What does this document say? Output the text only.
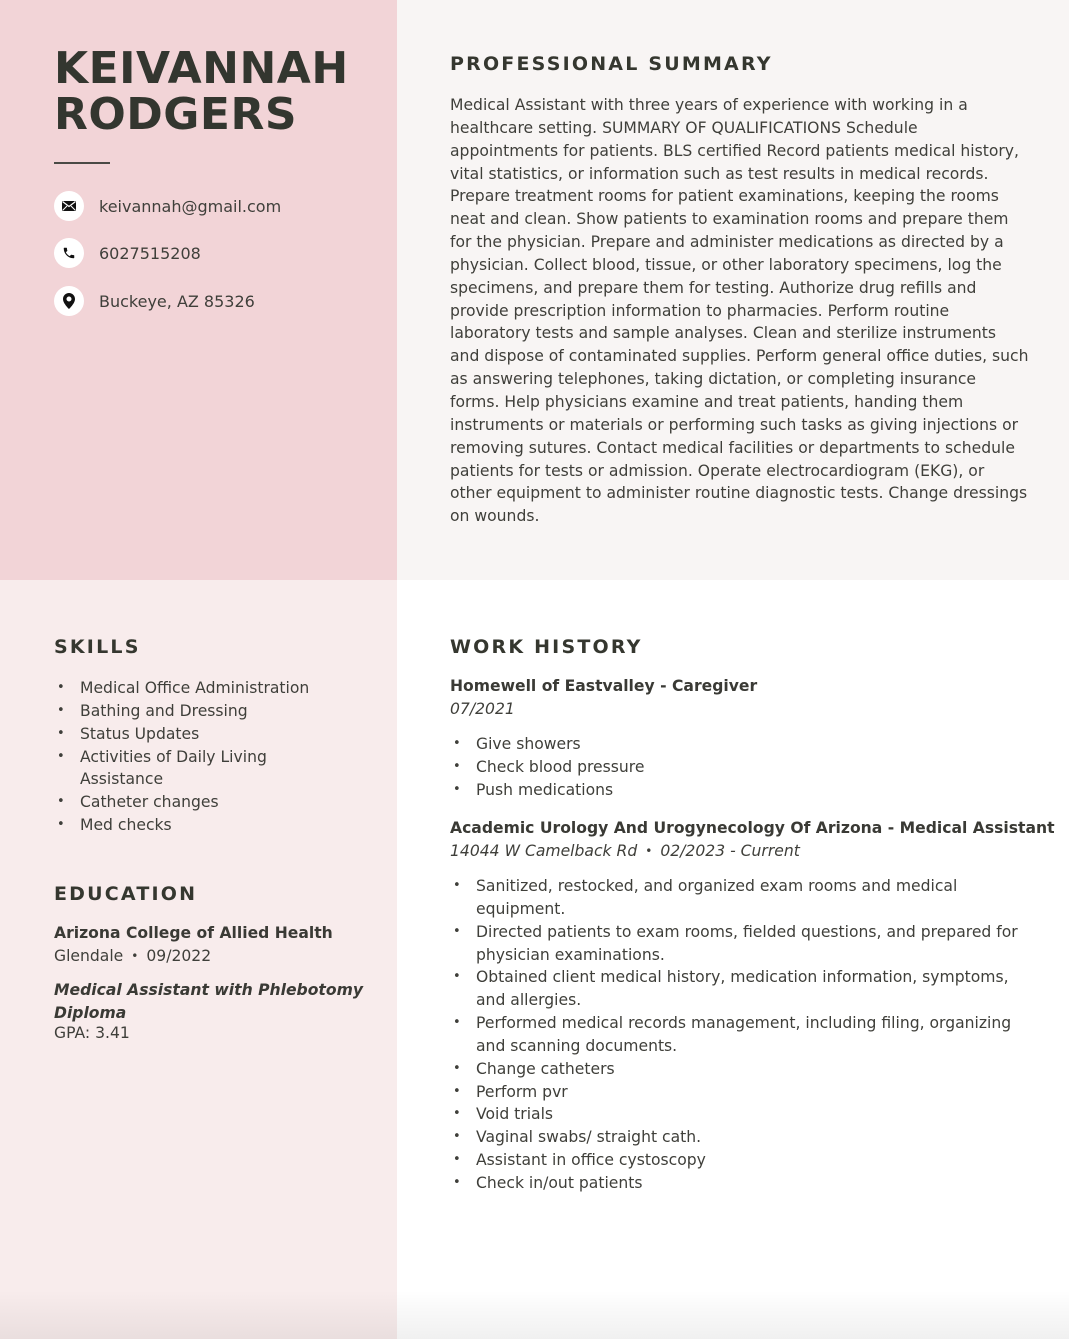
KEIVANNAH
RODGERS
keivannah@gmail.com
6027515208
Buckeye, AZ 85326
PROFESSIONAL SUMMARY
Medical Assistant with three years of experience with working in a healthcare setting. SUMMARY OF QUALIFICATIONS Schedule appointments for patients. BLS certified Record patients medical history, vital statistics, or information such as test results in medical records. Prepare treatment rooms for patient examinations, keeping the rooms neat and clean. Show patients to examination rooms and prepare them for the physician. Prepare and administer medications as directed by a physician. Collect blood, tissue, or other laboratory specimens, log the specimens, and prepare them for testing. Authorize drug refills and provide prescription information to pharmacies. Perform routine laboratory tests and sample analyses. Clean and sterilize instruments and dispose of contaminated supplies. Perform general office duties, such as answering telephones, taking dictation, or completing insurance forms. Help physicians examine and treat patients, handing them instruments or materials or performing such tasks as giving injections or removing sutures. Contact medical facilities or departments to schedule patients for tests or admission. Operate electrocardiogram (EKG), or other equipment to administer routine diagnostic tests. Change dressings on wounds.
SKILLS
• Medical Office Administration
• Bathing and Dressing
• Status Updates
• Activities of Daily Living Assistance
• Catheter changes
• Med checks
EDUCATION
Arizona College of Allied Health
Glendale • 09/2022
Medical Assistant with Phlebotomy Diploma
GPA: 3.41
WORK HISTORY
Homewell of Eastvalley - Caregiver
07/2021
• Give showers
• Check blood pressure
• Push medications
Academic Urology And Urogynecology Of Arizona - Medical Assistant
14044 W Camelback Rd • 02/2023 - Current
• Sanitized, restocked, and organized exam rooms and medical equipment.
• Directed patients to exam rooms, fielded questions, and prepared for physician examinations.
• Obtained client medical history, medication information, symptoms, and allergies.
• Performed medical records management, including filing, organizing and scanning documents.
• Change catheters
• Perform pvr
• Void trials
• Vaginal swabs/ straight cath.
• Assistant in office cystoscopy
• Check in/out patients
